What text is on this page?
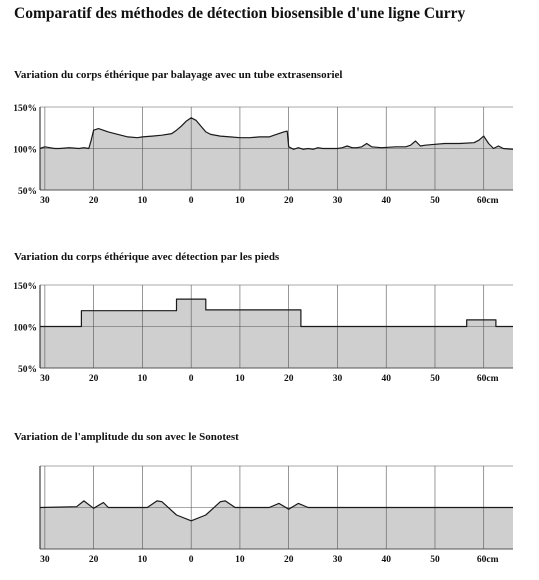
Comparatif des méthodes de détection biosensible d'une ligne Curry
Variation du corps éthérique par balayage avec un tube extrasensoriel
Variation du corps éthérique avec détection par les pieds
Variation de l'amplitude du son avec le Sonotest
30	20	10	0	10	20	30	40	50	60cm
150%
100%
50%
30	20	10	0	10	20	30	40	50	60cm
150%
100%
50%
30	20	10	0	10	20	30	40	50	60cm
